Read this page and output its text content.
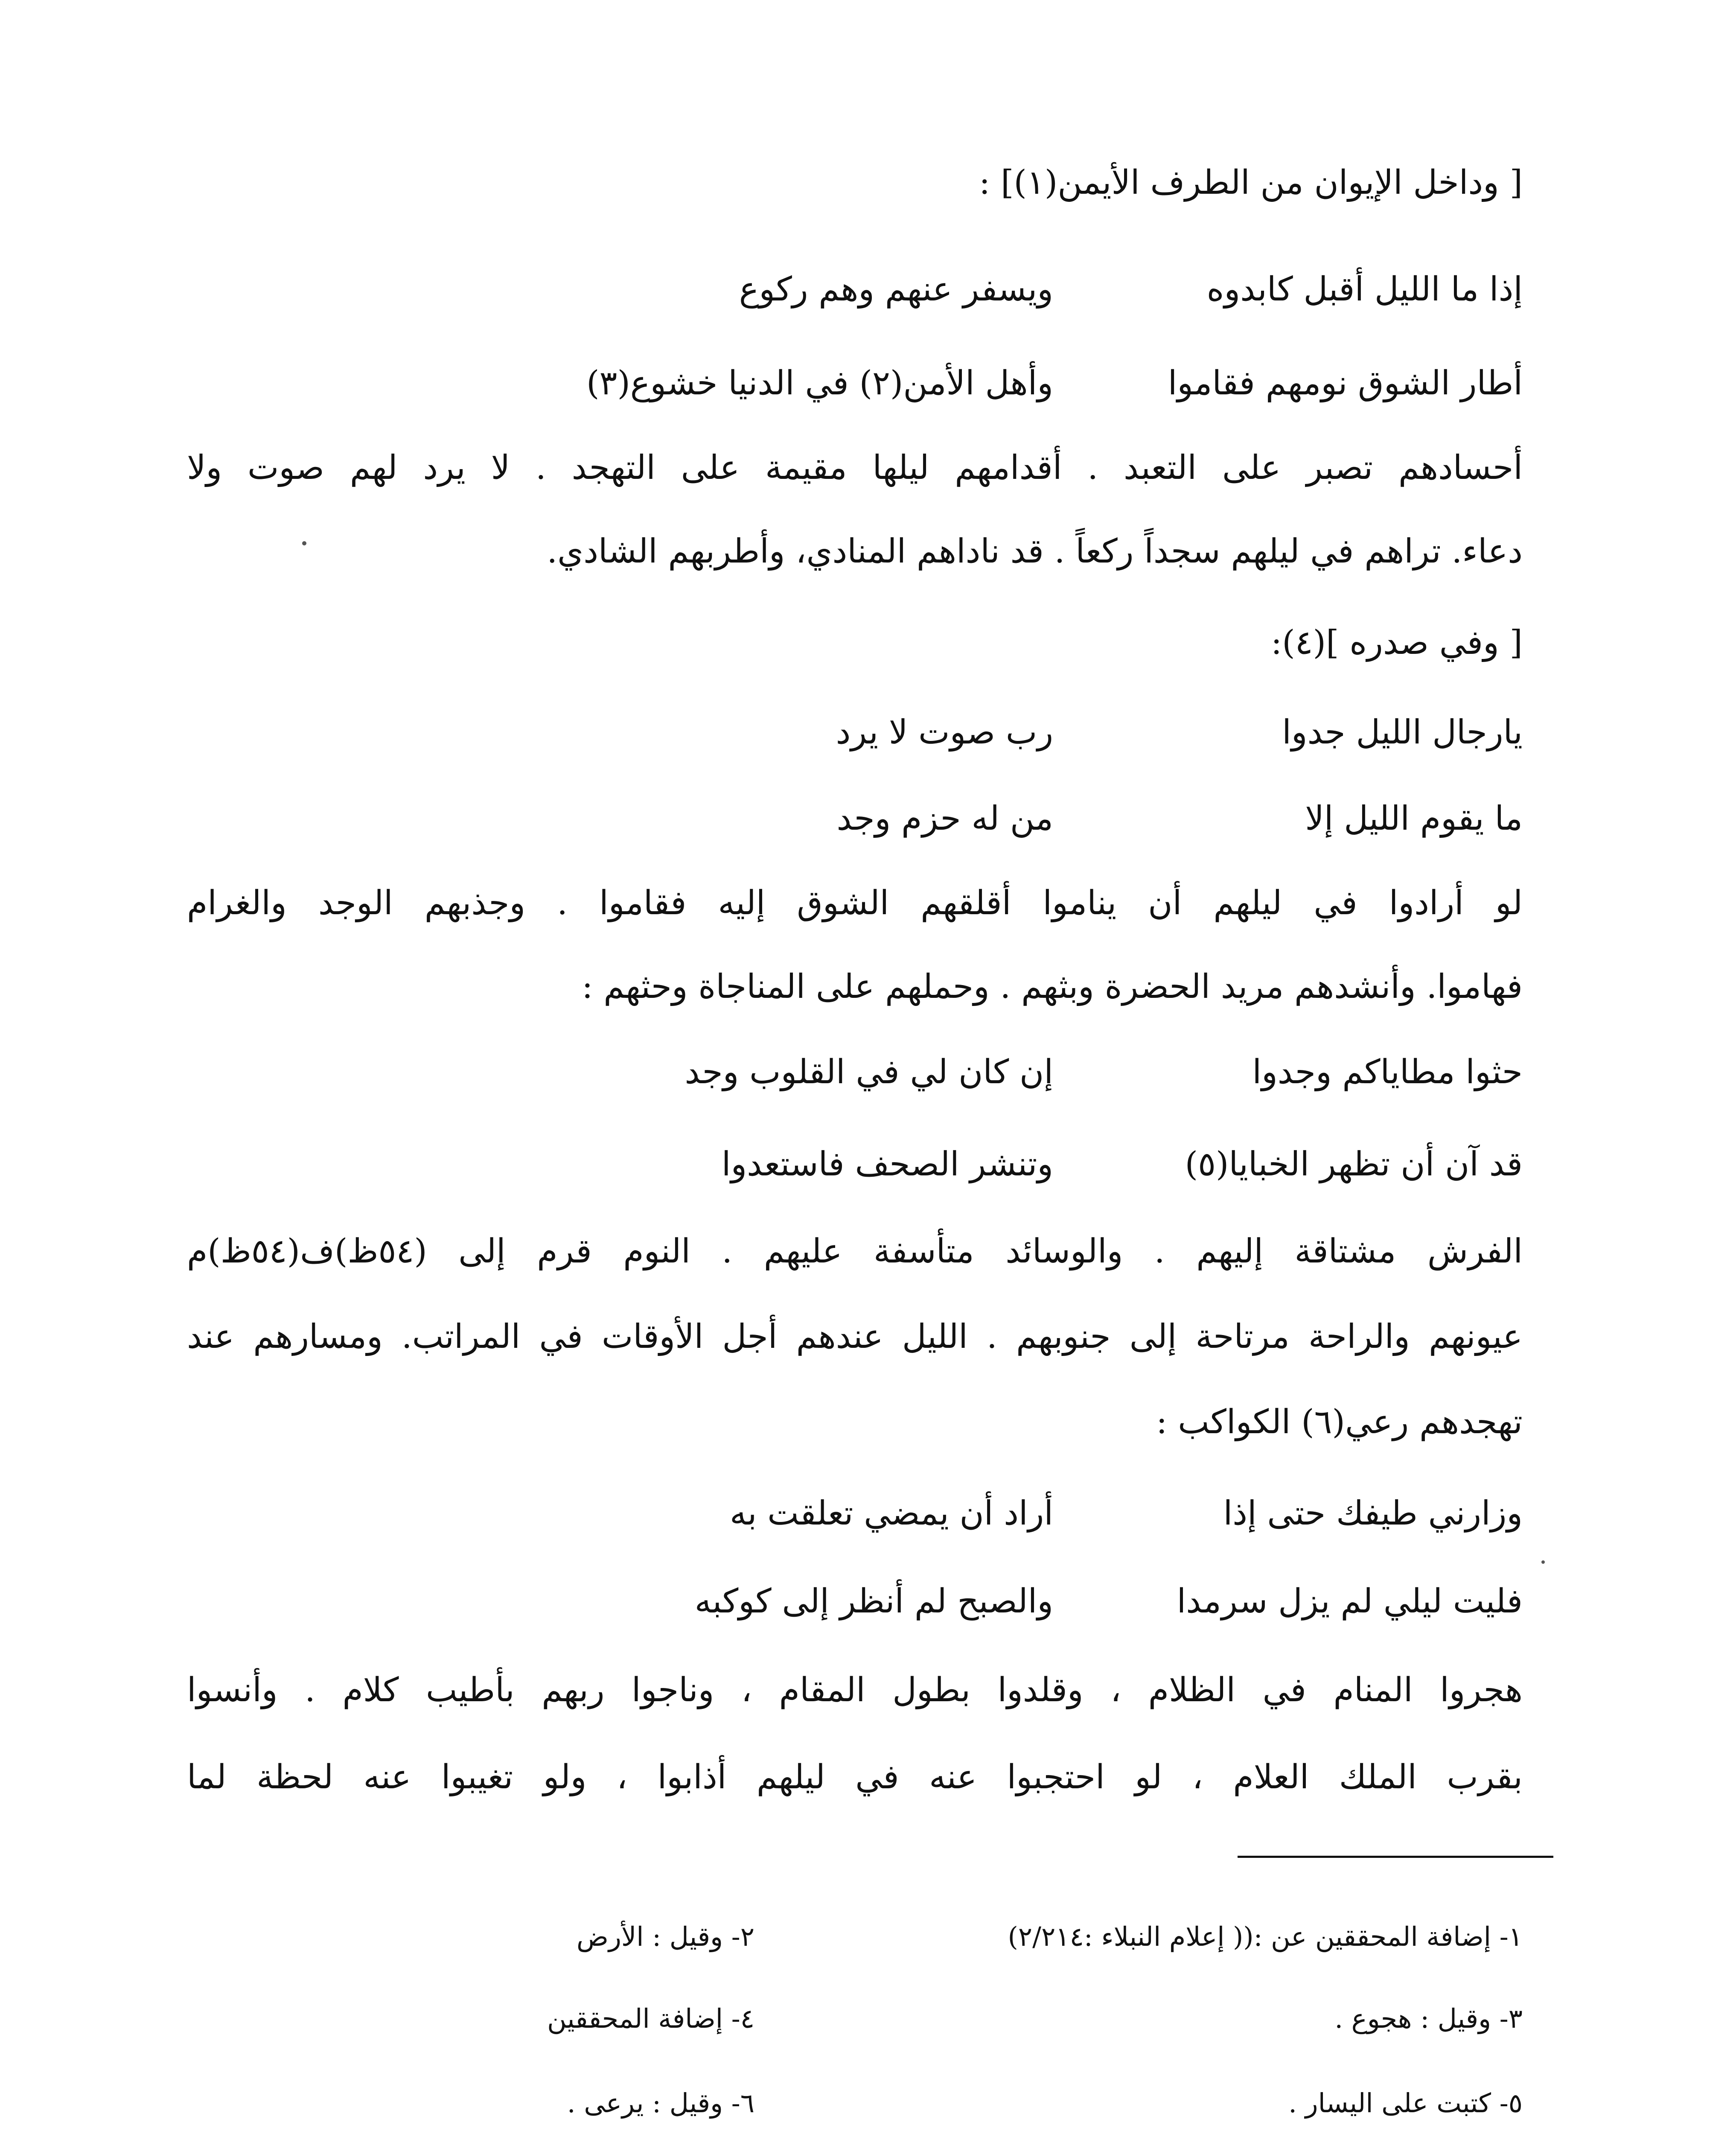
[ وداخل الإيوان من الطرف الأيمن(١)] :
إذا ما الليل أقبل كابدوه
ويسفر عنهم وهم ركوع
أطار الشوق نومهم فقاموا
وأهل الأمن(٢) في الدنيا خشوع(٣)
أحسادهم تصبر على التعبد . أقدامهم ليلها مقيمة على التهجد . لا يرد لهم صوت ولا
دعاء. تراهم في ليلهم سجداً ركعاً . قد ناداهم المنادي، وأطربهم الشادي.
[ وفي صدره ](٤):
يارجال الليل جدوا
رب صوت لا يرد
ما يقوم الليل إلا
من له حزم وجد
لو أرادوا في ليلهم أن يناموا أقلقهم الشوق إليه فقاموا . وجذبهم الوجد والغرام
فهاموا. وأنشدهم مريد الحضرة وبثهم . وحملهم على المناجاة وحثهم :
حثوا مطاياكم وجدوا
إن كان لي في القلوب وجد
قد آن أن تظهر الخبايا(٥)
وتنشر الصحف فاستعدوا
الفرش مشتاقة إليهم . والوسائد متأسفة عليهم . النوم قرم إلى (٥٤ظ)ف(٥٤ظ)م
عيونهم والراحة مرتاحة إلى جنوبهم . الليل عندهم أجل الأوقات في المراتب. ومسارهم عند
تهجدهم رعي(٦) الكواكب :
وزارني طيفك حتى إذا
أراد أن يمضي تعلقت به
فليت ليلي لم يزل سرمدا
والصبح لم أنظر إلى كوكبه
هجروا المنام في الظلام ، وقلدوا بطول المقام ، وناجوا ربهم بأطيب كلام . وأنسوا
بقرب الملك العلام ، لو احتجبوا عنه في ليلهم أذابوا ، ولو تغيبوا عنه لحظة لما
١- إضافة المحققين عن :(( إعلام النبلاء :٢/٢١٤)
٢- وقيل : الأرض
٣- وقيل : هجوع .
٤- إضافة المحققين
٥- كتبت على اليسار .
٦- وقيل : يرعى .
